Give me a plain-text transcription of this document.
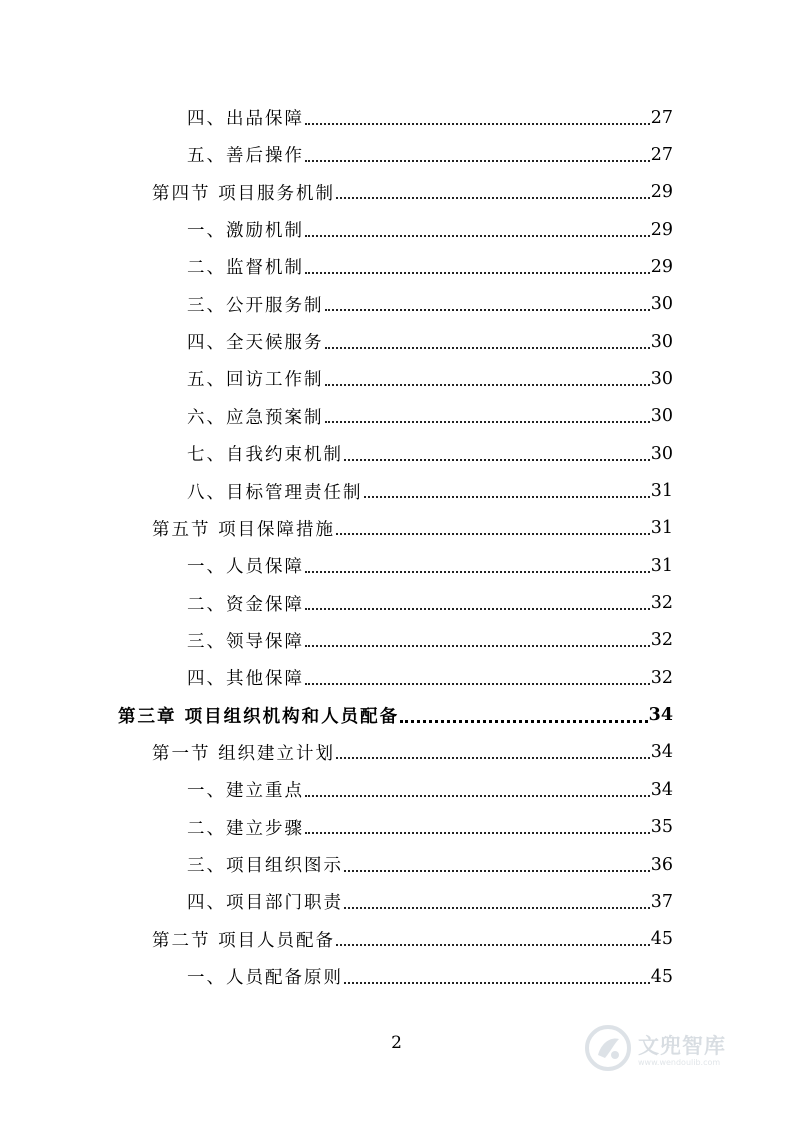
四、出品保障	27
五、善后操作	27
第四节 项目服务机制	29
一、激励机制	29
二、监督机制	29
三、公开服务制	30
四、全天候服务	30
五、回访工作制	30
六、应急预案制	30
七、自我约束机制	30
八、目标管理责任制	31
第五节 项目保障措施	31
一、人员保障	31
二、资金保障	32
三、领导保障	32
四、其他保障	32
第三章 项目组织机构和人员配备	34
第一节 组织建立计划	34
一、建立重点	34
二、建立步骤	35
三、项目组织图示	36
四、项目部门职责	37
第二节 项目人员配备	45
一、人员配备原则	45
2	文兜智库
www.wendoulib.com
